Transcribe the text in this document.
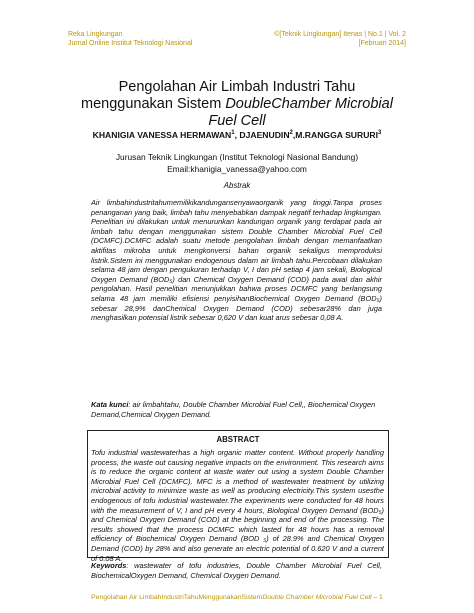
Reka Lingkungan
Jurnal Online Institut Teknologi Nasional
©[Teknik Lingkungan] Itenas | No.1 | Vol. 2
[Februari 2014]
Pengolahan Air Limbah Industri Tahu
menggunakan Sistem DoubleChamber Microbial
Fuel Cell
KHANIGIA VANESSA HERMAWAN$^1$, DJAENUDIN$^2$,M.RANGGA SURURI$^3$
Jurusan Teknik Lingkungan (Institut Teknologi Nasional Bandung)
Email:khanigia_vanessa@yahoo.com
Abstrak
Air limbahindustritahumemilikikandungansenyawaorganik yang tinggi.Tanpa proses penanganan yang baik, limbah tahu menyebabkan dampak negatif terhadap lingkungan. Penelitian ini dilakukan untuk menurunkan kandungan organik yang terdapat pada air limbah tahu dengan menggunakan sistem Double Chamber Microbial Fuel Cell (DCMFC).DCMFC adalah suatu metode pengolahan limbah dengan memanfaatkan aktifitas mikroba untuk mengkonversi bahan organik sekaligus memproduksi listrik.Sistem ini menggunakan endogenous dalam air limbah tahu.Percobaan dilakukan selama 48 jam dengan pengukuran terhadap V, I dan pH setiap 4 jam sekali, Biological Oxygen Demand (BOD₅) dan Chemical Oxygen Demand (COD) pada awal dan akhir pengolahan. Hasil penelitian menunjukkan bahwa proses DCMFC yang berlangsung selama 48 jam memiliki efisiensi penyisihanBiochemical Oxygen Demand (BOD₅) sebesar 28,9% danChemical Oxygen Demand (COD) sebesar28% dan juga menghasilkan potensial listrik sebesar 0,620 V dan kuat arus sebesar 0,08 A.
Kata kunci: air limbahtahu, Double Chamber Microbial Fuel Cell,, Biochemical Oxygen Demand,Chemical Oxygen Demand.
ABSTRACT
Tofu industrial wastewaterhas a high organic matter content. Without properly handling process, the waste out causing negative impacts on the environment. This research aims is to reduce the organic content at waste water out using a system Double Chamber Microbial Fuel Cell (DCMFC). MFC is a method of wastewater treatment by utilizing microbial activity to minimize waste as well as producing electricity.This system usesthe endogenous of tofu industrial wastewater.The experiments were conducted for 48 hours with the measurement of V, I and pH every 4 hours, Biological Oxygen Demand (BOD₅) and Chemical Oxygen Demand (COD) at the beginning and end of the processing. The results showed that the process DCMFC which lasted for 48 hours has a removal efficiency of Biochemical Oxygen Demand (BOD ₅) of 28.9% and Chemical Oxygen Demand (COD) by 28% and also generate an electric potential of 0.620 V and a current of 0.08 A.
Keywords: wastewater of tofu industries, Double Chamber Microbial Fuel Cell, BiochemicalOxygen Demand, Chemical Oxygen Demand.
Pengolahan Air LimbahIndustriTahuMenggunakanSistemDouble Chamber Microbial Fuel Cell – 1
